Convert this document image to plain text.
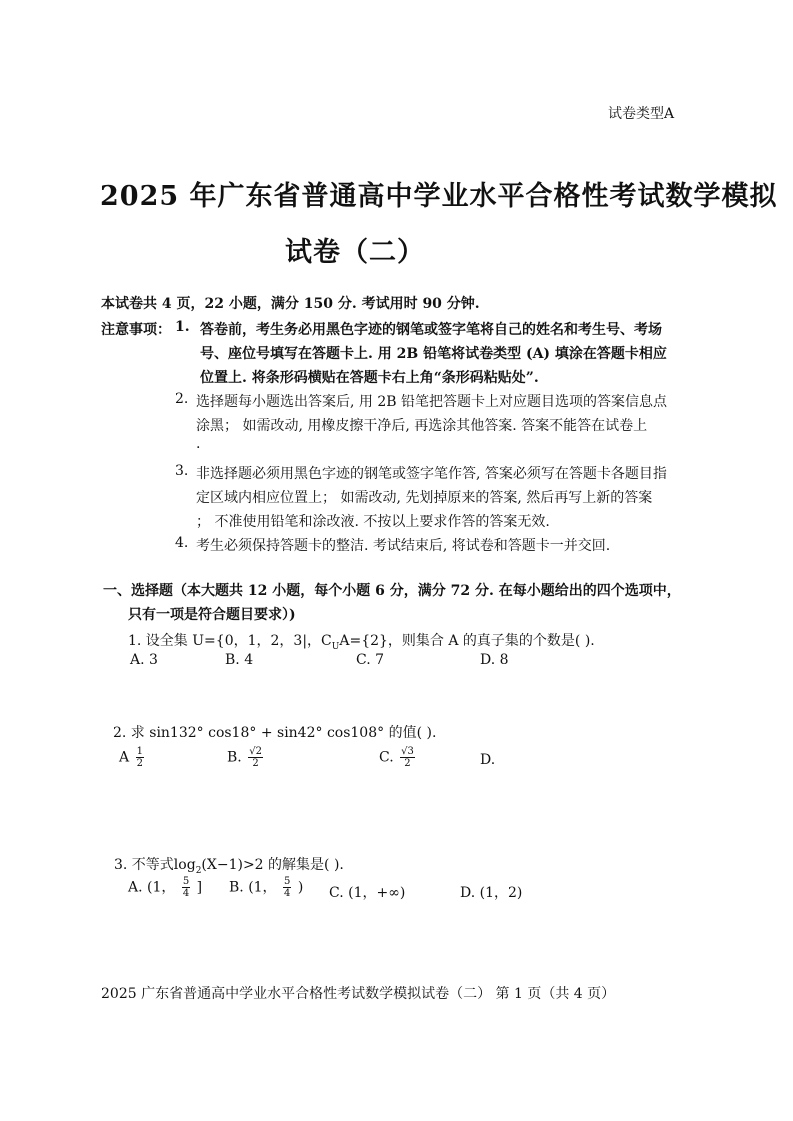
试卷类型A
2025 年广东省普通高中学业水平合格性考试数学模拟
试卷（二）
本试卷共 4 页，22 小题，满分 150 分. 考试用时 90 分钟.
注意事项： 1. 答卷前，考生务必用黑色字迹的钢笔或签字笔将自己的姓名和考生号、考场
号、座位号填写在答题卡上. 用 2B 铅笔将试卷类型 (A) 填涂在答题卡相应
位置上. 将条形码横贴在答题卡右上角“条形码粘贴处”.
2. 选择题每小题选出答案后, 用 2B 铅笔把答题卡上对应题目选项的答案信息点
涂黑； 如需改动, 用橡皮擦干净后, 再选涂其他答案. 答案不能答在试卷上
.
3. 非选择题必须用黑色字迹的钢笔或签字笔作答, 答案必须写在答题卡各题目指
定区域内相应位置上； 如需改动, 先划掉原来的答案, 然后再写上新的答案
； 不准使用铅笔和涂改液. 不按以上要求作答的答案无效.
4. 考生必须保持答题卡的整洁. 考试结束后, 将试卷和答题卡一并交回.
一、选择题（本大题共 12 小题，每个小题 6 分，满分 72 分. 在每小题给出的四个选项中，
只有一项是符合题目要求）)
1. 设全集 U={0，1，2，3|，$C_UA=\{2\}$，则集合 A 的真子集的个数是( ).
A. 3	B. 4	C. 7	D. 8
2. 求 sin132° cos18° + sin42° cos108° 的值( ).
A $\frac{1}{2}$	B. $\frac{√2}{2}$	C. $\frac{√3}{2}$	D.
3. 不等式$\log_2(X-1)>2$ 的解集是( ).
A. (1， $\frac{5}{4}$ ] B. (1， $\frac{5}{4}$ ) C. (1，+∞)	D. (1，2)
2025 广东省普通高中学业水平合格性考试数学模拟试卷（二） 第 1 页（共 4 页）
